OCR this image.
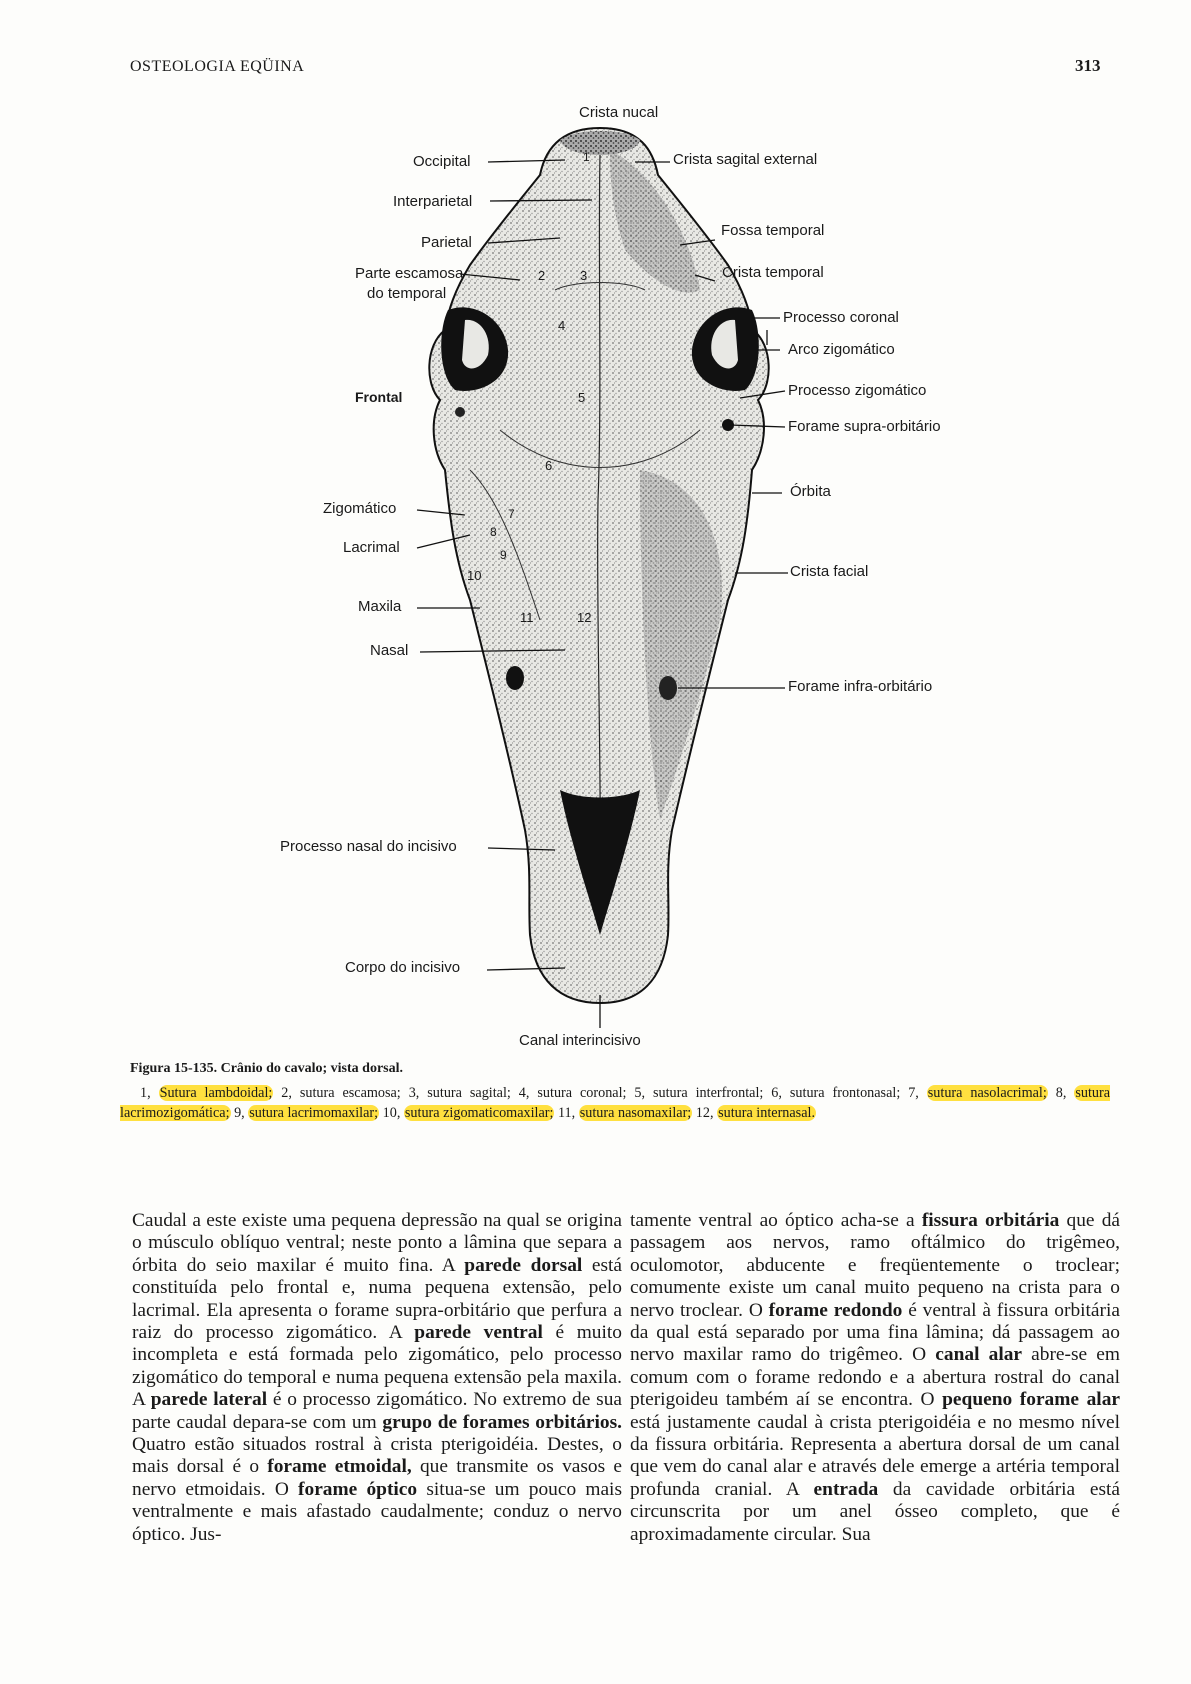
OSTEOLOGIA EQÜINA	313
1
2	3
4
5
6
7
8
9
10
11	12
Crista nucal
Occipital	Crista sagital external
Interparietal
Fossa temporal
Parietal
Crista temporal
Parte escamosa
do temporal
Processo coronal
Arco zigomático
Processo zigomático
Frontal
Forame supra-orbitário
Órbita
Zigomático
Lacrimal
Crista facial
Maxila
Nasal
Forame infra-orbitário
Processo nasal do incisivo
Corpo do incisivo
Canal interincisivo
Figura 15-135. Crânio do cavalo; vista dorsal.
1, Sutura lambdoidal; 2, sutura escamosa; 3, sutura sagital; 4, sutura coronal; 5, sutura interfrontal; 6, sutura frontonasal; 7, sutura nasolacrimal; 8, sutura lacrimozigomática; 9, sutura lacrimomaxilar; 10, sutura zigomaticomaxilar; 11, sutura nasomaxilar; 12, sutura internasal.

Caudal a este existe uma pequena depressão na qual se origina o músculo oblíquo ventral; neste ponto a lâmina que separa a órbita do seio maxilar é muito fina. A parede dorsal está constituída pelo frontal e, numa pequena extensão, pelo lacrimal. Ela apresenta o forame supra-orbitário que perfura a raiz do processo zigomático. A parede ventral é muito incompleta e está formada pelo zigomático, pelo processo zigomático do temporal e numa pequena extensão pela maxila. A parede lateral é o processo zigomático. No extremo de sua parte caudal depara-se com um grupo de forames orbitários. Quatro estão situados rostral à crista pterigoidéia. Destes, o mais dorsal é o forame etmoidal, que transmite os vasos e nervo etmoidais. O forame óptico situa-se um pouco mais ventralmente e mais afastado caudalmente; conduz o nervo óptico. Jus-

tamente ventral ao óptico acha-se a fissura orbitária que dá passagem aos nervos, ramo oftálmico do trigêmeo, oculomotor, abducente e freqüentemente o troclear; comumente existe um canal muito pequeno na crista para o nervo troclear. O forame redondo é ventral à fissura orbitária da qual está separado por uma fina lâmina; dá passagem ao nervo maxilar ramo do trigêmeo. O canal alar abre-se em comum com o forame redondo e a abertura rostral do canal pterigoideu também aí se encontra. O pequeno forame alar está justamente caudal à crista pterigoidéia e no mesmo nível da fissura orbitária. Representa a abertura dorsal de um canal que vem do canal alar e através dele emerge a artéria temporal profunda cranial. A entrada da cavidade orbitária está circunscrita por um anel ósseo completo, que é aproximadamente circular. Sua
